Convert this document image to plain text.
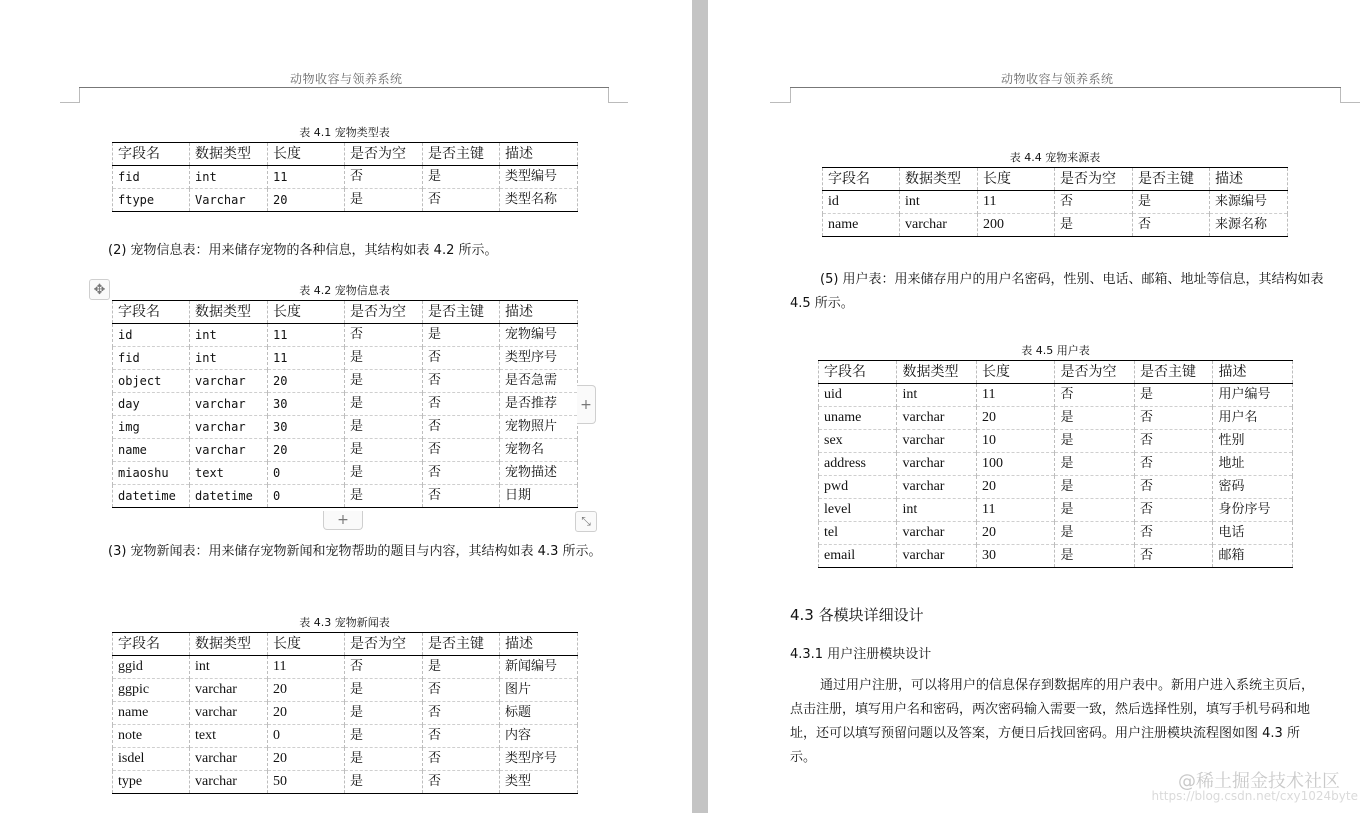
动物收容与领养系统
表 4.1 宠物类型表
字段名	数据类型	长度	是否为空	是否主键	描述
fid	int	11	否	是	类型编号
ftype	Varchar	20	是	否	类型名称
(2) 宠物信息表：用来储存宠物的各种信息，其结构如表 4.2 所示。
✥	表 4.2 宠物信息表
字段名	数据类型	长度	是否为空	是否主键	描述
id	int	11	否	是	宠物编号
fid	int	11	是	否	类型序号
object	varchar	20	是	否	是否急需
day	varchar	30	是	否	是否推荐
img	varchar	30	是	否	宠物照片
name	varchar	20	是	否	宠物名
miaoshu	text	0	是	否	宠物描述
datetime	datetime	0	是	否	日期
+
+	⤡
(3) 宠物新闻表：用来储存宠物新闻和宠物帮助的题目与内容，其结构如表 4.3 所示。
表 4.3 宠物新闻表
字段名	数据类型	长度	是否为空	是否主键	描述
ggid	int	11	否	是	新闻编号
ggpic	varchar	20	是	否	图片
name	varchar	20	是	否	标题
note	text	0	是	否	内容
isdel	varchar	20	是	否	类型序号
type	varchar	50	是	否	类型
动物收容与领养系统
表 4.4 宠物来源表
字段名	数据类型	长度	是否为空	是否主键	描述
id	int	11	否	是	来源编号
name	varchar	200	是	否	来源名称
(5) 用户表：用来储存用户的用户名密码，性别、电话、邮箱、地址等信息，其结构如表 4.5 所示。
表 4.5 用户表
字段名	数据类型	长度	是否为空	是否主键	描述
uid	int	11	否	是	用户编号
uname	varchar	20	是	否	用户名
sex	varchar	10	是	否	性别
address	varchar	100	是	否	地址
pwd	varchar	20	是	否	密码
level	int	11	是	否	身份序号
tel	varchar	20	是	否	电话
email	varchar	30	是	否	邮箱
4.3 各模块详细设计
4.3.1 用户注册模块设计
通过用户注册，可以将用户的信息保存到数据库的用户表中。新用户进入系统主页后，点击注册，填写用户名和密码，两次密码输入需要一致，然后选择性别，填写手机号码和地址，还可以填写预留问题以及答案，方便日后找回密码。用户注册模块流程图如图 4.3 所示。
@稀土掘金技术社区
https://blog.csdn.net/cxy1024byte
